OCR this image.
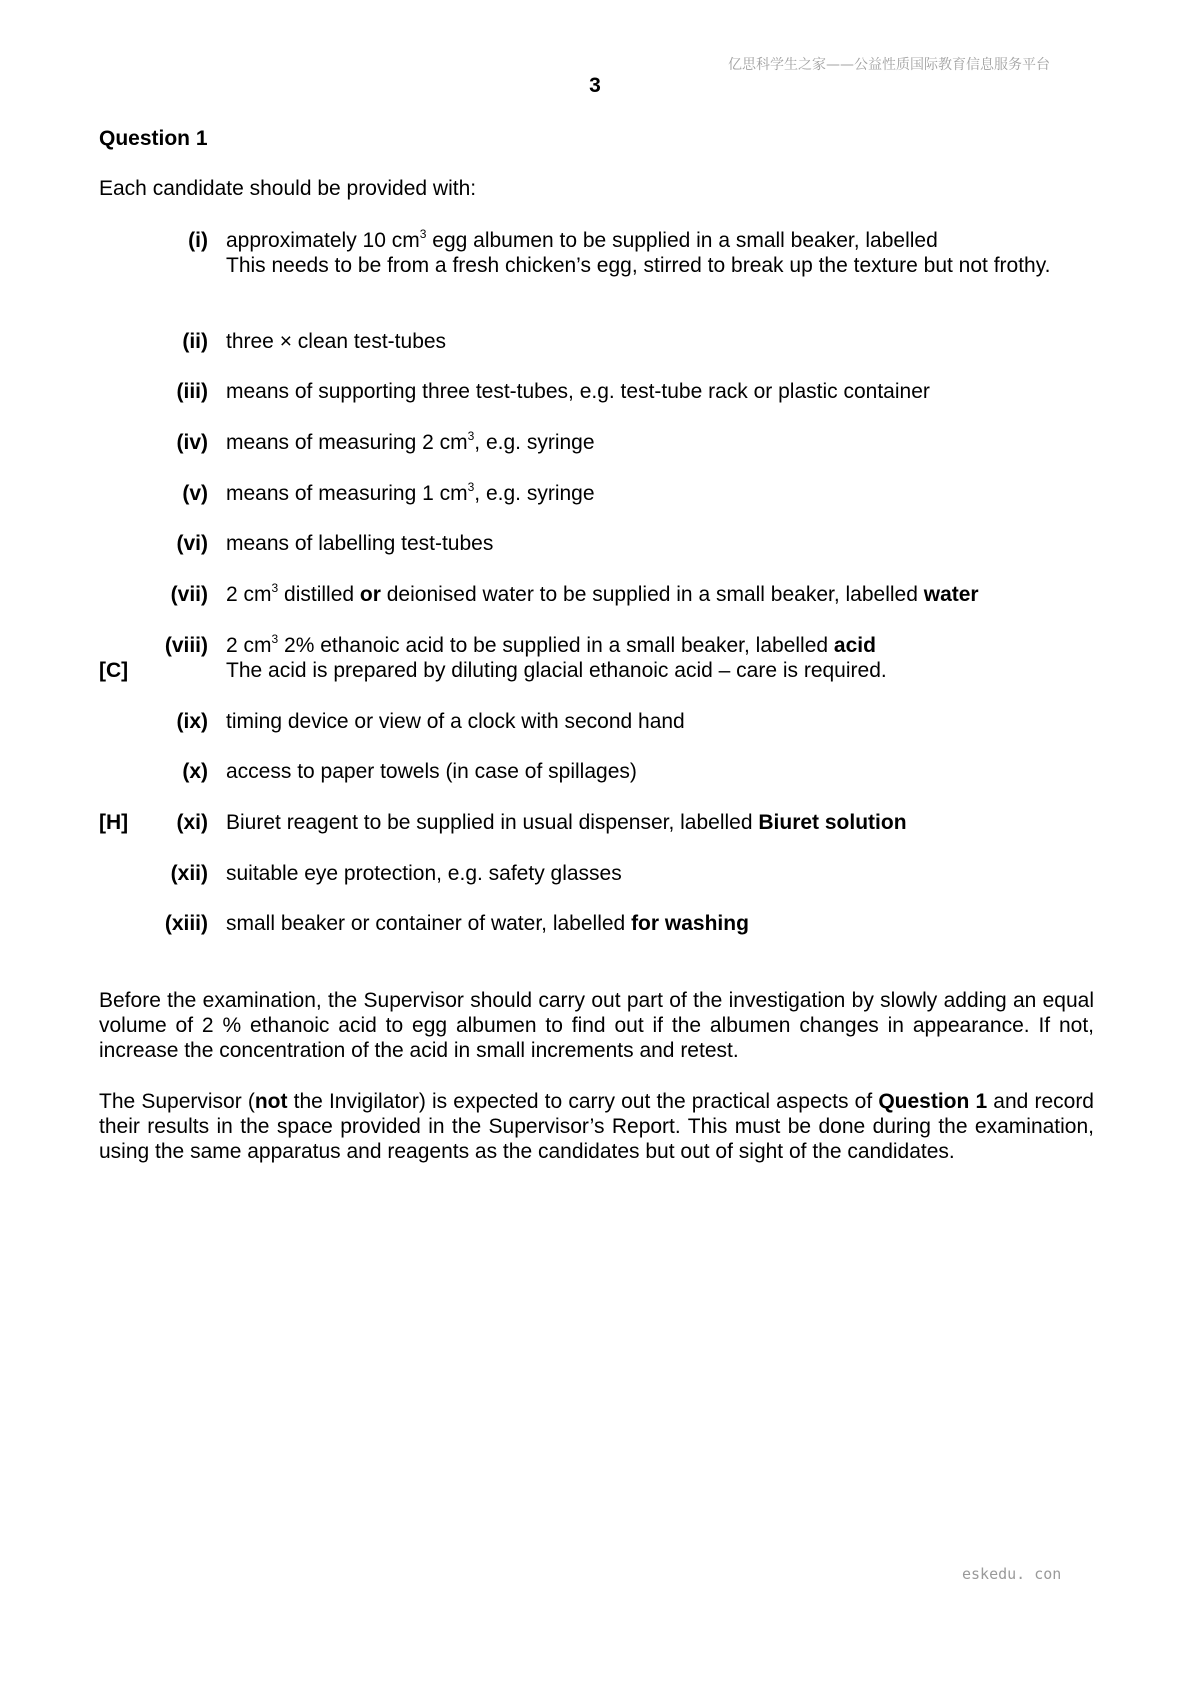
亿思科学生之家——公益性质国际教育信息服务平台
3
Question 1
Each candidate should be provided with:
(i) approximately 10 $cm^3$ egg albumen to be supplied in a small beaker, labelled
This needs to be from a fresh chicken’s egg, stirred to break up the texture but not frothy.
(ii) three × clean test-tubes
(iii) means of supporting three test-tubes, e.g. test-tube rack or plastic container
(iv) means of measuring 2 $cm^3$, e.g. syringe
(v) means of measuring 1 $cm^3$, e.g. syringe
(vi) means of labelling test-tubes
(vii) 2 $cm^3$ distilled or deionised water to be supplied in a small beaker, labelled water
(viii)
[C]
2 $cm^3$ 2% ethanoic acid to be supplied in a small beaker, labelled acid
The acid is prepared by diluting glacial ethanoic acid – care is required.
(ix) timing device or view of a clock with second hand
(x) access to paper towels (in case of spillages)
[H]	(xi) Biuret reagent to be supplied in usual dispenser, labelled Biuret solution
(xii) suitable eye protection, e.g. safety glasses
(xiii) small beaker or container of water, labelled for washing
Before the examination, the Supervisor should carry out part of the investigation by slowly adding an equal volume of 2 % ethanoic acid to egg albumen to find out if the albumen changes in appearance. If not, increase the concentration of the acid in small increments and retest.
The Supervisor (not the Invigilator) is expected to carry out the practical aspects of Question 1 and record their results in the space provided in the Supervisor’s Report. This must be done during the examination, using the same apparatus and reagents as the candidates but out of sight of the candidates.
eskedu. con
